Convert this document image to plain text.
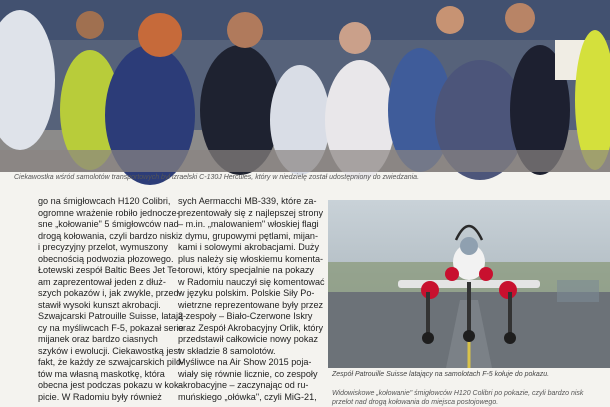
Ciekawostka wśród samolotów transportowych był izraelski C-130J Hercules, który w niedzielę został udostępniony do zwiedzania.
go na śmigłowcach H120 Colibri,
ogromne wrażenie robiło jednocze-
sne „kołowanie" 5 śmigłowców nad
drogą kołowania, czyli bardzo niski
i precyzyjny przelot, wymuszony
obecnością podwozia płozowego.
Łotewski zespół Baltic Bees Jet Te-
am zaprezentował jeden z dłuż-
szych pokazów i, jak zwykle, przed-
stawił wysoki kunszt akrobacji.
Szwajcarski Patrouille Suisse, latają-
cy na myśliwcach F-5, pokazał serie
mijanek oraz bardzo ciasnych
szyków i ewolucji. Ciekawostką jest
fakt, że każdy ze szwajcarskich pilo-
tów ma własną maskotkę, która
obecna jest podczas pokazu w kok-
picie. W Radomiu były również
sych Aermacchi MB-339, które za-
prezentowały się z najlepszej strony
– m.in. „malowaniem" włoskiej flagi
z dymu, grupowymi pętlami, mijan-
kami i solowymi akrobacjami. Duży
plus należy się włoskiemu komenta-
torowi, który specjalnie na pokazy
w Radomiu nauczył się komentować
w języku polskim. Polskie Siły Po-
wietrzne reprezentowane były przez
2 zespoły – Biało-Czerwone Iskry
oraz Zespół Akrobacyjny Orlik, który
przedstawił całkowicie nowy pokaz
w składzie 8 samolotów.
Myśliwce na Air Show 2015 poja-
wiały się równie licznie, co zespoły
akrobacyjne – zaczynając od ru-
muńskiego „ołówka", czyli MiG-21,
Zespół Patrouille Suisse latający na samolotach F-5 kołuje do pokazu.
Widowiskowe „kołowanie" śmigłowców H120 Colibri po pokazie, czyli bardzo nisk
przelot nad drogą kołowania do miejsca postojowego.
